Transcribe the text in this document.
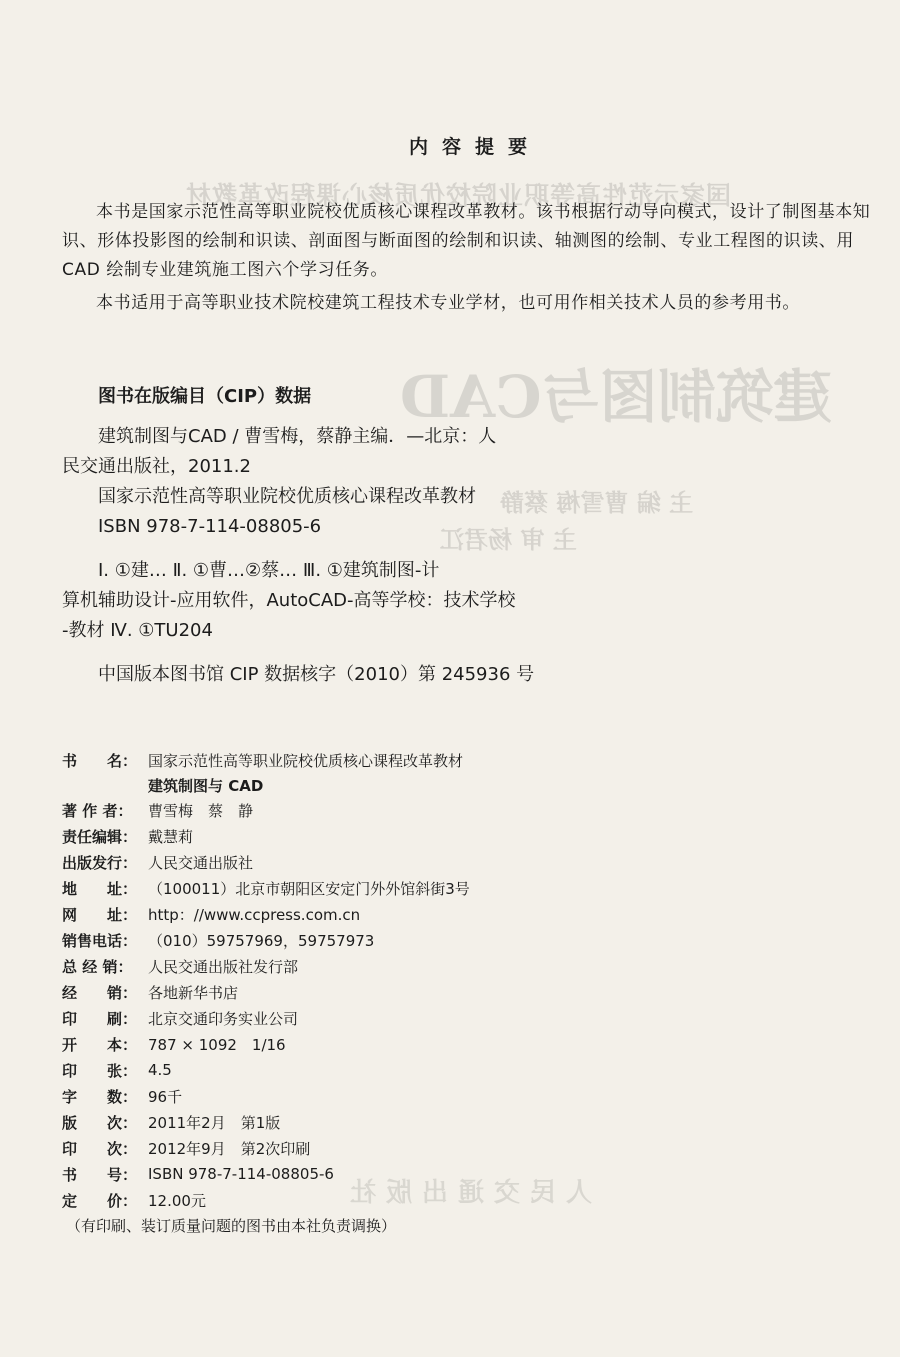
国家示范性高等职业院校优质核心课程改革教材
建筑制图与CAD
主 编 曹雪梅 蔡静
主 审 杨君江
人民交通出版社
内容提要

本书是国家示范性高等职业院校优质核心课程改革教材。该书根据行动导向模式，设计了制图基本知识、形体投影图的绘制和识读、剖面图与断面图的绘制和识读、轴测图的绘制、专业工程图的识读、用 CAD 绘制专业建筑施工图六个学习任务。

本书适用于高等职业技术院校建筑工程技术专业学材，也可用作相关技术人员的参考用书。

图书在版编目（CIP）数据
建筑制图与CAD / 曹雪梅，蔡静主编．—北京：人
民交通出版社，2011.2
国家示范性高等职业院校优质核心课程改革教材
ISBN 978-7-114-08805-6
Ⅰ. ①建… Ⅱ. ①曹…②蔡… Ⅲ. ①建筑制图-计
算机辅助设计-应用软件，AutoCAD-高等学校：技术学校
-教材 Ⅳ. ①TU204
中国版本图书馆 CIP 数据核字（2010）第 245936 号
书　　名： 国家示范性高等职业院校优质核心课程改革教材
建筑制图与 CAD
著 作 者：	曹雪梅　蔡　静
责任编辑： 戴慧莉
出版发行： 人民交通出版社
地　　址： （100011）北京市朝阳区安定门外外馆斜街3号
网　　址： http：//www.ccpress.com.cn
销售电话： （010）59757969，59757973
总 经 销：	人民交通出版社发行部
经　　销： 各地新华书店
印　　刷： 北京交通印务实业公司
开　　本： 787 × 1092　1/16
印　　张： 4.5
字　　数： 96千
版　　次： 2011年2月　第1版
印　　次： 2012年9月　第2次印刷
书　　号： ISBN 978-7-114-08805-6
定　　价： 12.00元
（有印刷、装订质量问题的图书由本社负责调换）
